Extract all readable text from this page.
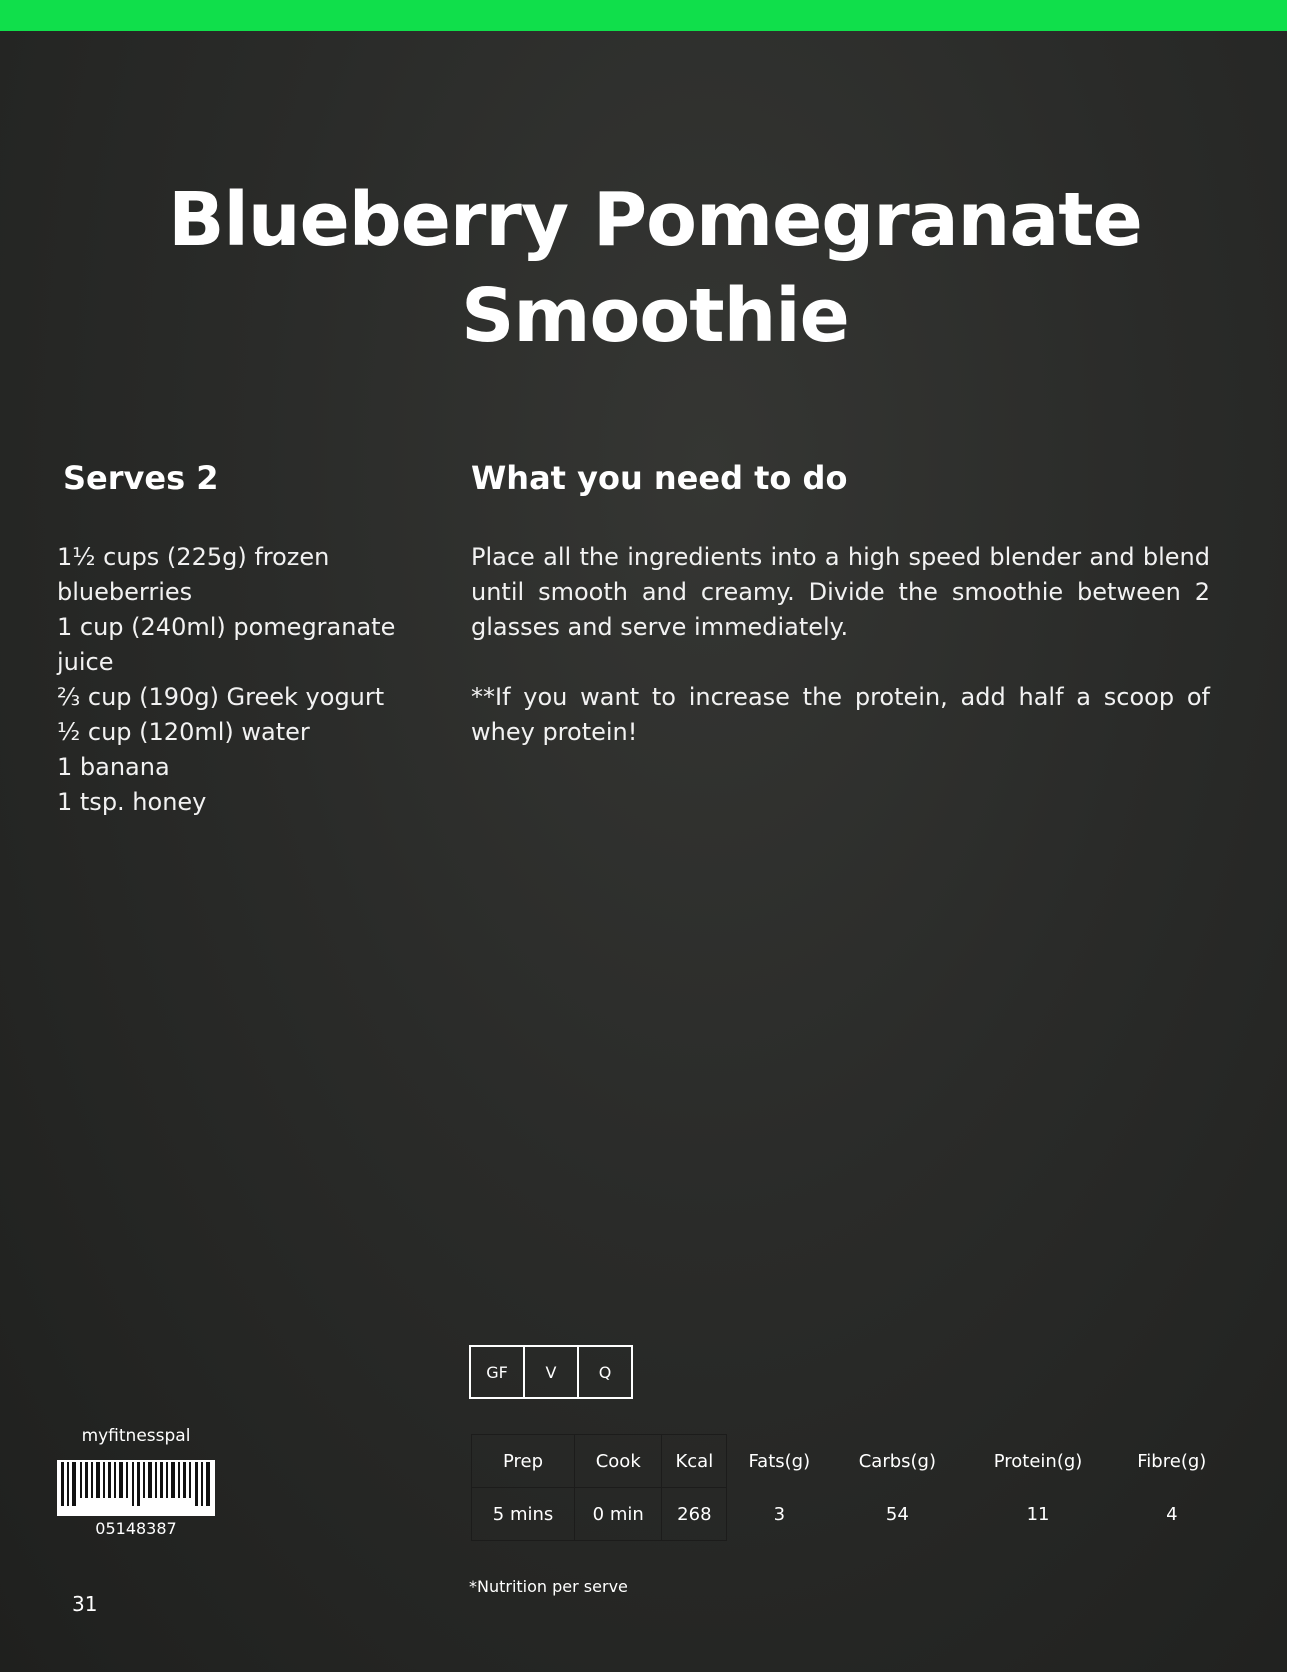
Blueberry Pomegranate
Smoothie
Serves 2	What you need to do
1½ cups (225g) frozen blueberries
1 cup (240ml) pomegranate juice
⅔ cup (190g) Greek yogurt
½ cup (120ml) water
1 banana
1 tsp. honey

Place all the ingredients into a high speed blender and blend until smooth and creamy. Divide the smoothie between 2 glasses and serve immediately.

**If you want to increase the protein, add half a scoop of whey protein!

GF	V	Q
Prep	Cook	Kcal	Fats(g)	Carbs(g)	Protein(g)	Fibre(g)
5 mins	0 min	268	3	54	11	4
*Nutrition per serve
myfitnesspal
05148387
31
